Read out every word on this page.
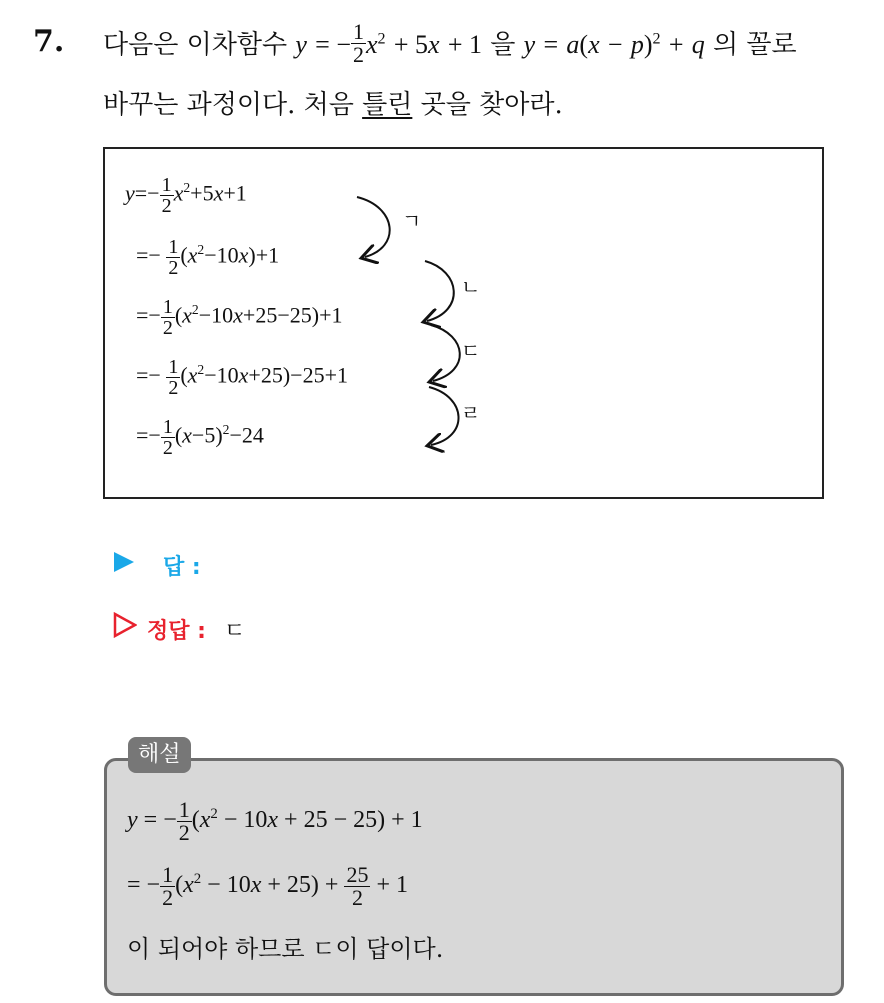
7. 다음은 이차함수 y = − $\frac{1}{2} x^2 + 5x + 1$ 을 $y = a(x - p)^2 + q$ 의 꼴로
바꾸는 과정이다. 처음 틀린 곳을 찾아라.
$y=- \frac{1}{2} x^2+5x+1$
=− $\frac{1}{2} (x^2-10x)+1$
=− $\frac{1}{2} (x^2-10x+25-25)+1$
=− $\frac{1}{2} (x^2-10x+25)-25+1$
=− $\frac{1}{2} (x-5)^2-24$
ㄱ
ㄴ
ㄷ
ㄹ
답 :
정답 : ㄷ
해설
y = − $\frac{1}{2} (x^2 - 10x + 25 - 25) + 1$
= − $\frac{1}{2} (x^2 - 10x + 25) + \frac{25}{2} + 1$
이 되어야 하므로 ㄷ이 답이다.
